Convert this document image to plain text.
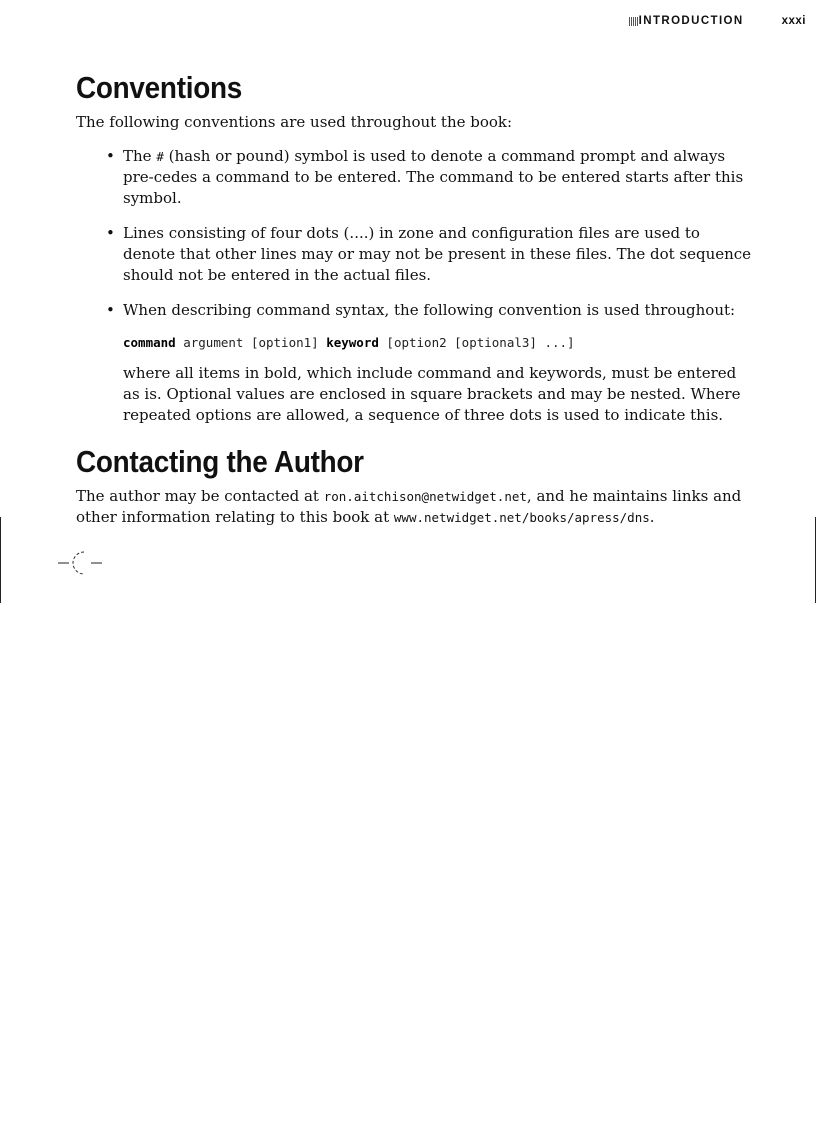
INTRODUCTION	xxxi
Conventions

The following conventions are used throughout the book:

• The # (hash or pound) symbol is used to denote a command prompt and always pre-cedes a command to be entered. The command to be entered starts after this symbol.

• Lines consisting of four dots (....) in zone and configuration files are used to denote that other lines may or may not be present in these files. The dot sequence should not be entered in the actual files.

• When describing command syntax, the following convention is used throughout:

command argument [option1] keyword [option2 [optional3] ...]

where all items in bold, which include command and keywords, must be entered as is. Optional values are enclosed in square brackets and may be nested. Where repeated options are allowed, a sequence of three dots is used to indicate this.

Contacting the Author

The author may be contacted at ron.aitchison@netwidget.net, and he maintains links and other information relating to this book at www.netwidget.net/books/apress/dns.
